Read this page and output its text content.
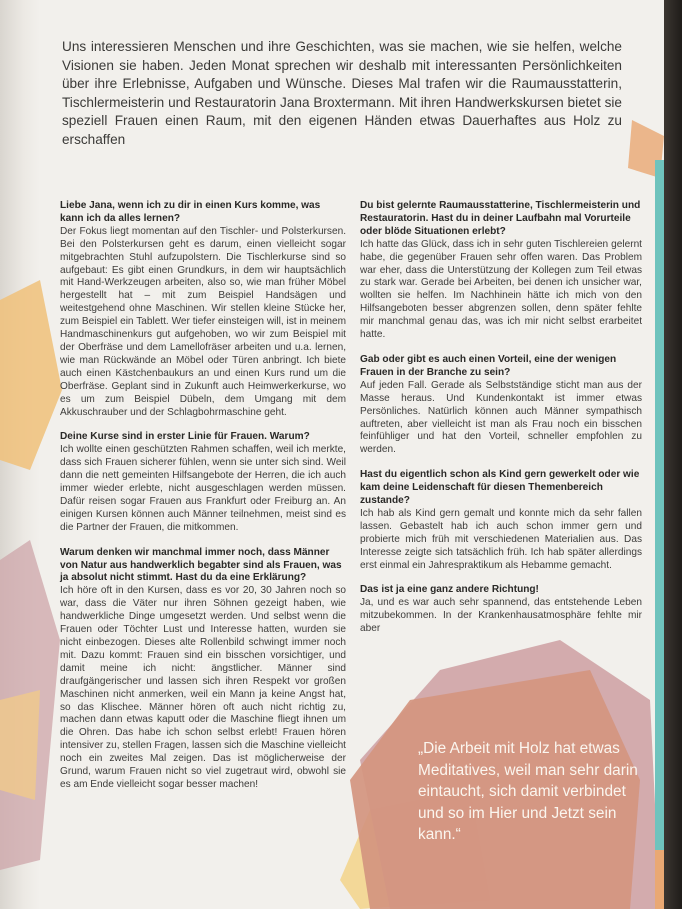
Uns interessieren Menschen und ihre Geschichten, was sie machen, wie sie helfen, welche Visionen sie haben. Jeden Monat sprechen wir deshalb mit interessanten Persönlichkeiten über ihre Erlebnisse, Aufgaben und Wünsche. Dieses Mal trafen wir die Raumausstatterin, Tischlermeisterin und Restauratorin Jana Broxtermann. Mit ihren Handwerkskursen bietet sie speziell Frauen einen Raum, mit den eigenen Händen etwas Dauerhaftes aus Holz zu erschaffen

Liebe Jana, wenn ich zu dir in einen Kurs komme, was kann ich da alles lernen?

Der Fokus liegt momentan auf den Tischler- und Polsterkursen. Bei den Polsterkursen geht es darum, einen vielleicht sogar mitgebrachten Stuhl aufzupolstern. Die Tischlerkurse sind so aufgebaut: Es gibt einen Grundkurs, in dem wir hauptsächlich mit Hand-Werkzeugen arbeiten, also so, wie man früher Möbel hergestellt hat – mit zum Beispiel Handsägen und weitestgehend ohne Maschinen. Wir stellen kleine Stücke her, zum Beispiel ein Tablett. Wer tiefer einsteigen will, ist in meinem Handmaschinenkurs gut aufgehoben, wo wir zum Beispiel mit der Oberfräse und dem Lamellofräser arbeiten und u.a. lernen, wie man Rückwände an Möbel oder Türen anbringt. Ich biete auch einen Kästchenbaukurs an und einen Kurs rund um die Oberfräse. Geplant sind in Zukunft auch Heimwerkerkurse, wo es um zum Beispiel Dübeln, dem Umgang mit dem Akkuschrauber und der Schlagbohrmaschine geht.

Deine Kurse sind in erster Linie für Frauen. Warum?

Ich wollte einen geschützten Rahmen schaffen, weil ich merkte, dass sich Frauen sicherer fühlen, wenn sie unter sich sind. Weil dann die nett gemeinten Hilfsangebote der Herren, die ich auch immer wieder erlebte, nicht ausgeschlagen werden müssen. Dafür reisen sogar Frauen aus Frankfurt oder Freiburg an. An einigen Kursen können auch Männer teilnehmen, meist sind es die Partner der Frauen, die mitkommen.

Warum denken wir manchmal immer noch, dass Männer von Natur aus handwerklich begabter sind als Frauen, was ja absolut nicht stimmt. Hast du da eine Erklärung?

Ich höre oft in den Kursen, dass es vor 20, 30 Jahren noch so war, dass die Väter nur ihren Söhnen gezeigt haben, wie handwerkliche Dinge umgesetzt werden. Und selbst wenn die Frauen oder Töchter Lust und Interesse hatten, wurden sie nicht einbezogen. Dieses alte Rollenbild schwingt immer noch mit. Dazu kommt: Frauen sind ein bisschen vorsichtiger, und damit meine ich nicht: ängstlicher. Männer sind draufgängerischer und lassen sich ihren Respekt vor großen Maschinen nicht anmerken, weil ein Mann ja keine Angst hat, so das Klischee. Männer hören oft auch nicht richtig zu, machen dann etwas kaputt oder die Maschine fliegt ihnen um die Ohren. Das habe ich schon selbst erlebt! Frauen hören intensiver zu, stellen Fragen, lassen sich die Maschine vielleicht noch ein zweites Mal zeigen. Das ist möglicherweise der Grund, warum Frauen nicht so viel zugetraut wird, obwohl sie es am Ende vielleicht sogar besser machen!

Du bist gelernte Raumausstatterine, Tischlermeisterin und Restauratorin. Hast du in deiner Laufbahn mal Vorurteile oder blöde Situationen erlebt?

Ich hatte das Glück, dass ich in sehr guten Tischlereien gelernt habe, die gegenüber Frauen sehr offen waren. Das Problem war eher, dass die Unterstützung der Kollegen zum Teil etwas zu stark war. Gerade bei Arbeiten, bei denen ich unsicher war, wollten sie helfen. Im Nachhinein hätte ich mich von den Hilfsangeboten besser abgrenzen sollen, denn später fehlte mir manchmal genau das, was ich mir nicht selbst erarbeitet hatte.

Gab oder gibt es auch einen Vorteil, eine der wenigen Frauen in der Branche zu sein?

Auf jeden Fall. Gerade als Selbstständige sticht man aus der Masse heraus. Und Kundenkontakt ist immer etwas Persönliches. Natürlich können auch Männer sympathisch auftreten, aber vielleicht ist man als Frau noch ein bisschen feinfühliger und hat den Vorteil, schneller empfohlen zu werden.

Hast du eigentlich schon als Kind gern gewerkelt oder wie kam deine Leidenschaft für diesen Themenbereich zustande?

Ich hab als Kind gern gemalt und konnte mich da sehr fallen lassen. Gebastelt hab ich auch schon immer gern und probierte mich früh mit verschiedenen Materialien aus. Das Interesse zeigte sich tatsächlich früh. Ich hab später allerdings erst einmal ein Jahrespraktikum als Hebamme gemacht.

Das ist ja eine ganz andere Richtung!

Ja, und es war auch sehr spannend, das entstehende Leben mitzubekommen. In der Krankenhausatmosphäre fehlte mir aber

„Die Arbeit mit Holz hat etwas Meditatives, weil man sehr darin eintaucht, sich damit verbindet und so im Hier und Jetzt sein kann.“
